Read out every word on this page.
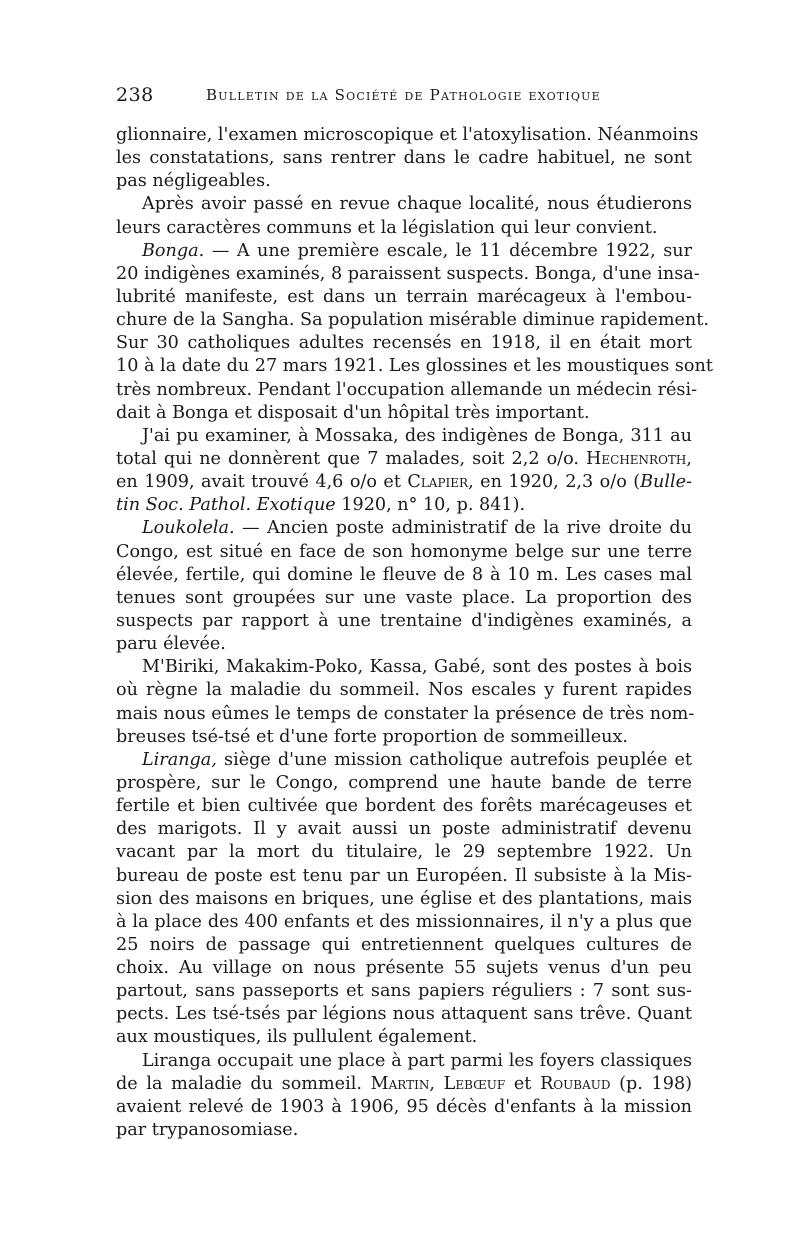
238	Bulletin de la Société de Pathologie exotique
glionnaire, l'examen microscopique et l'atoxylisation. Néanmoins
les constatations, sans rentrer dans le cadre habituel, ne sont
pas négligeables.
Après avoir passé en revue chaque localité, nous étudierons
leurs caractères communs et la législation qui leur convient.
Bonga. — A une première escale, le 11 décembre 1922, sur
20 indigènes examinés, 8 paraissent suspects. Bonga, d'une insa-
lubrité manifeste, est dans un terrain marécageux à l'embou-
chure de la Sangha. Sa population misérable diminue rapidement.
Sur 30 catholiques adultes recensés en 1918, il en était mort
10 à la date du 27 mars 1921. Les glossines et les moustiques sont
très nombreux. Pendant l'occupation allemande un médecin rési-
dait à Bonga et disposait d'un hôpital très important.
J'ai pu examiner, à Mossaka, des indigènes de Bonga, 311 au
total qui ne donnèrent que 7 malades, soit 2,2 o/o. Hechenroth,
en 1909, avait trouvé 4,6 o/o et Clapier, en 1920, 2,3 o/o (Bulle-
tin Soc. Pathol. Exotique 1920, n° 10, p. 841).
Loukolela. — Ancien poste administratif de la rive droite du
Congo, est situé en face de son homonyme belge sur une terre
élevée, fertile, qui domine le fleuve de 8 à 10 m. Les cases mal
tenues sont groupées sur une vaste place. La proportion des
suspects par rapport à une trentaine d'indigènes examinés, a
paru élevée.
M'Biriki, Makakim-Poko, Kassa, Gabé, sont des postes à bois
où règne la maladie du sommeil. Nos escales y furent rapides
mais nous eûmes le temps de constater la présence de très nom-
breuses tsé-tsé et d'une forte proportion de sommeilleux.
Liranga, siège d'une mission catholique autrefois peuplée et
prospère, sur le Congo, comprend une haute bande de terre
fertile et bien cultivée que bordent des forêts marécageuses et
des marigots. Il y avait aussi un poste administratif devenu
vacant par la mort du titulaire, le 29 septembre 1922. Un
bureau de poste est tenu par un Européen. Il subsiste à la Mis-
sion des maisons en briques, une église et des plantations, mais
à la place des 400 enfants et des missionnaires, il n'y a plus que
25 noirs de passage qui entretiennent quelques cultures de
choix. Au village on nous présente 55 sujets venus d'un peu
partout, sans passeports et sans papiers réguliers : 7 sont sus-
pects. Les tsé-tsés par légions nous attaquent sans trêve. Quant
aux moustiques, ils pullulent également.
Liranga occupait une place à part parmi les foyers classiques
de la maladie du sommeil. Martin, Lebœuf et Roubaud (p. 198)
avaient relevé de 1903 à 1906, 95 décès d'enfants à la mission
par trypanosomiase.
